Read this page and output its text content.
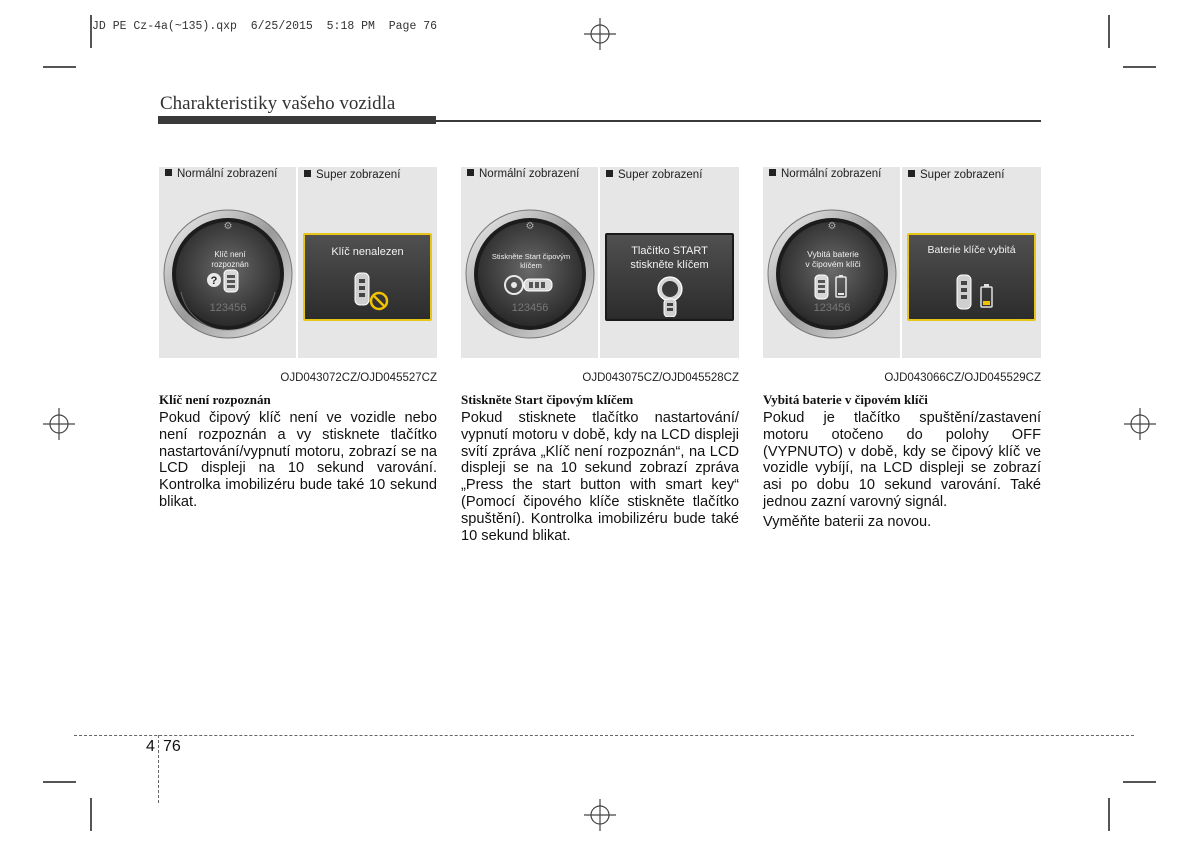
JD PE Cz-4a(~135).qxp  6/25/2015  5:18 PM  Page 76
Charakteristiky vašeho vozidla
Normální zobrazení
123456
⚙
?
Klíč není
rozpoznán
Super zobrazení
Klíč nenalezen
OJD043072CZ/OJD045527CZ
Normální zobrazení
123456
⚙
Stiskněte Start čipovým
klíčem
Super zobrazení
Tlačítko START
stiskněte klíčem
OJD043075CZ/OJD045528CZ
Normální zobrazení
123456
⚙
Vybitá baterie
v čipovém klíči
Super zobrazení
Baterie klíče vybitá
OJD043066CZ/OJD045529CZ
Klíč není rozpoznán

Pokud čipový klíč není ve vozidle nebo není rozpoznán a vy stisknete tlačítko nastartování/vypnutí motoru, zobrazí se na LCD displeji na 10 sekund varování. Kontrolka imobilizéru bude také 10 sekund blikat.

Stiskněte Start čipovým klíčem

Pokud stisknete tlačítko nastartování/ vypnutí motoru v době, kdy na LCD displeji svítí zpráva „Klíč není rozpoznán“, na LCD displeji se na 10 sekund zobrazí zpráva „Press the start button with smart key“ (Pomocí čipového klíče stiskněte tlačítko spuštění). Kontrolka imobilizéru bude také 10 sekund blikat.

Vybitá baterie v čipovém klíči

Pokud je tlačítko spuštění/zastavení motoru otočeno do polohy OFF (VYPNUTO) v době, kdy se čipový klíč ve vozidle vybíjí, na LCD displeji se zobrazí asi po dobu 10 sekund varování. Také jednou zazní varovný signál.

Vyměňte baterii za novou.

4 76
